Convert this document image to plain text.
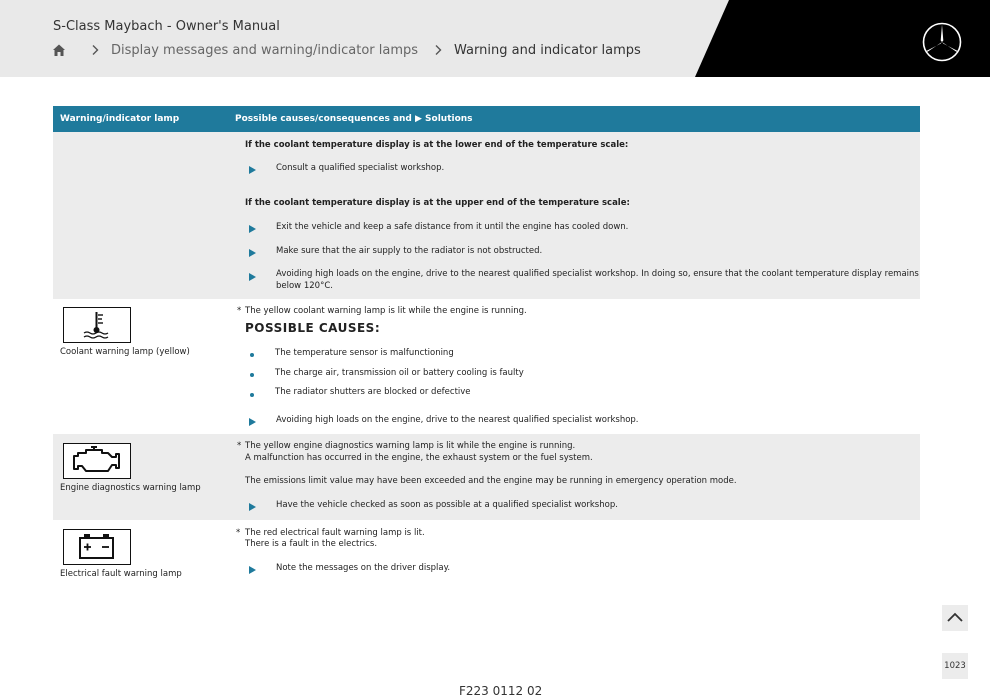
S-Class Maybach - Owner's Manual
Display messages and warning/indicator lamps	Warning and indicator lamps
Warning/indicator lamp	Possible causes/consequences and ▶ Solutions
If the coolant temperature display is at the lower end of the temperature scale:
Consult a qualified specialist workshop.
If the coolant temperature display is at the upper end of the temperature scale:
Exit the vehicle and keep a safe distance from it until the engine has cooled down.
Make sure that the air supply to the radiator is not obstructed.
Avoiding high loads on the engine, drive to the nearest qualified specialist workshop. In doing so, ensure that the coolant temperature display remains
below 120°C.
Coolant warning lamp (yellow)
* The yellow coolant warning lamp is lit while the engine is running.
POSSIBLE CAUSES:
The temperature sensor is malfunctioning
The charge air, transmission oil or battery cooling is faulty
The radiator shutters are blocked or defective
Avoiding high loads on the engine, drive to the nearest qualified specialist workshop.
Engine diagnostics warning lamp
* The yellow engine diagnostics warning lamp is lit while the engine is running.
A malfunction has occurred in the engine, the exhaust system or the fuel system.
The emissions limit value may have been exceeded and the engine may be running in emergency operation mode.
Have the vehicle checked as soon as possible at a qualified specialist workshop.
Electrical fault warning lamp
* The red electrical fault warning lamp is lit.
There is a fault in the electrics.
Note the messages on the driver display.
1023
F223 0112 02
